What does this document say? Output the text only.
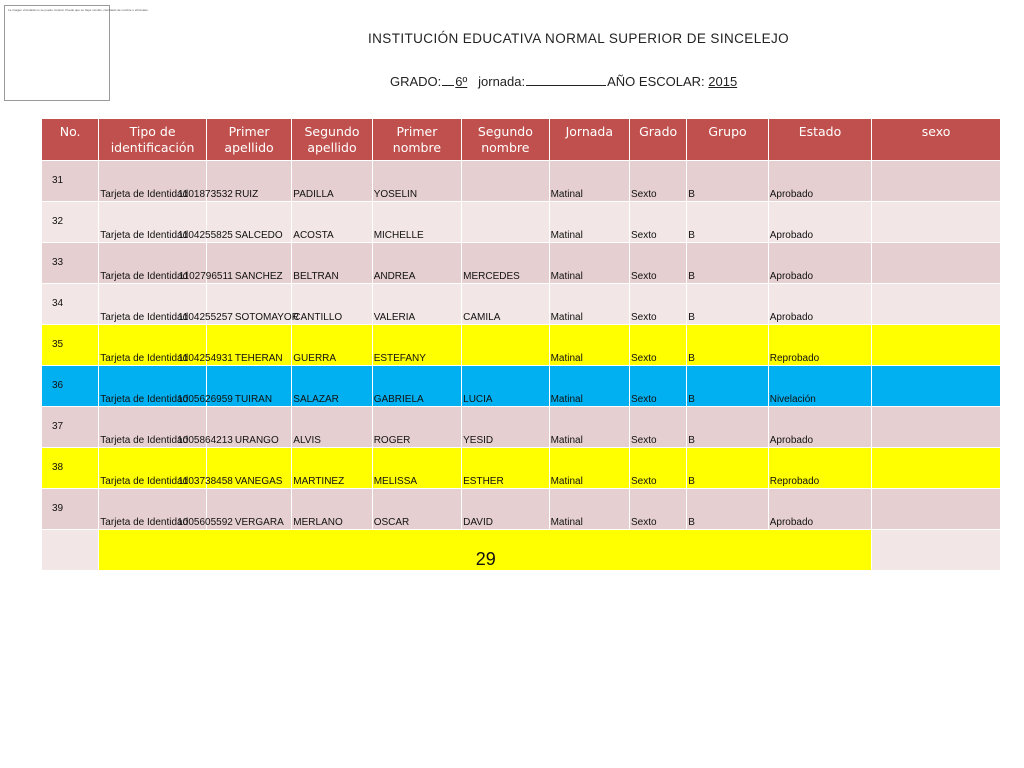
La imagen vinculada no se puede mostrar. Puede que se haya movido, cambiado de nombre o eliminado.
INSTITUCIÓN EDUCATIVA NORMAL SUPERIOR DE SINCELEJO
GRADO: 6º jornada:	AÑO ESCOLAR: 2015
No.	Tipo de identificación	Primer apellido	Segundo apellido	Primer nombre	Segundo nombre	Jornada	Grado	Grupo	Estado	sexo
31	Tarjeta de Identidad	1101873532 RUIZ	PADILLA	YOSELIN		Matinal	Sexto	B	Aprobado	
32	Tarjeta de Identidad	1104255825 SALCEDO	ACOSTA	MICHELLE		Matinal	Sexto	B	Aprobado	
33	Tarjeta de Identidad	1102796511 SANCHEZ	BELTRAN	ANDREA	MERCEDES	Matinal	Sexto	B	Aprobado	
34	Tarjeta de Identidad	1104255257 SOTOMAYOR	CANTILLO	VALERIA	CAMILA	Matinal	Sexto	B	Aprobado	
35	Tarjeta de Identidad	1104254931 TEHERAN	GUERRA	ESTEFANY		Matinal	Sexto	B	Reprobado	
36	Tarjeta de Identidad	1005626959 TUIRAN	SALAZAR	GABRIELA	LUCIA	Matinal	Sexto	B	Nivelación	
37	Tarjeta de Identidad	1005864213 URANGO	ALVIS	ROGER	YESID	Matinal	Sexto	B	Aprobado	
38	Tarjeta de Identidad	1103738458 VANEGAS	MARTINEZ	MELISSA	ESTHER	Matinal	Sexto	B	Reprobado	
39	Tarjeta de Identidad	1005605592 VERGARA	MERLANO	OSCAR	DAVID	Matinal	Sexto	B	Aprobado	
	29									
